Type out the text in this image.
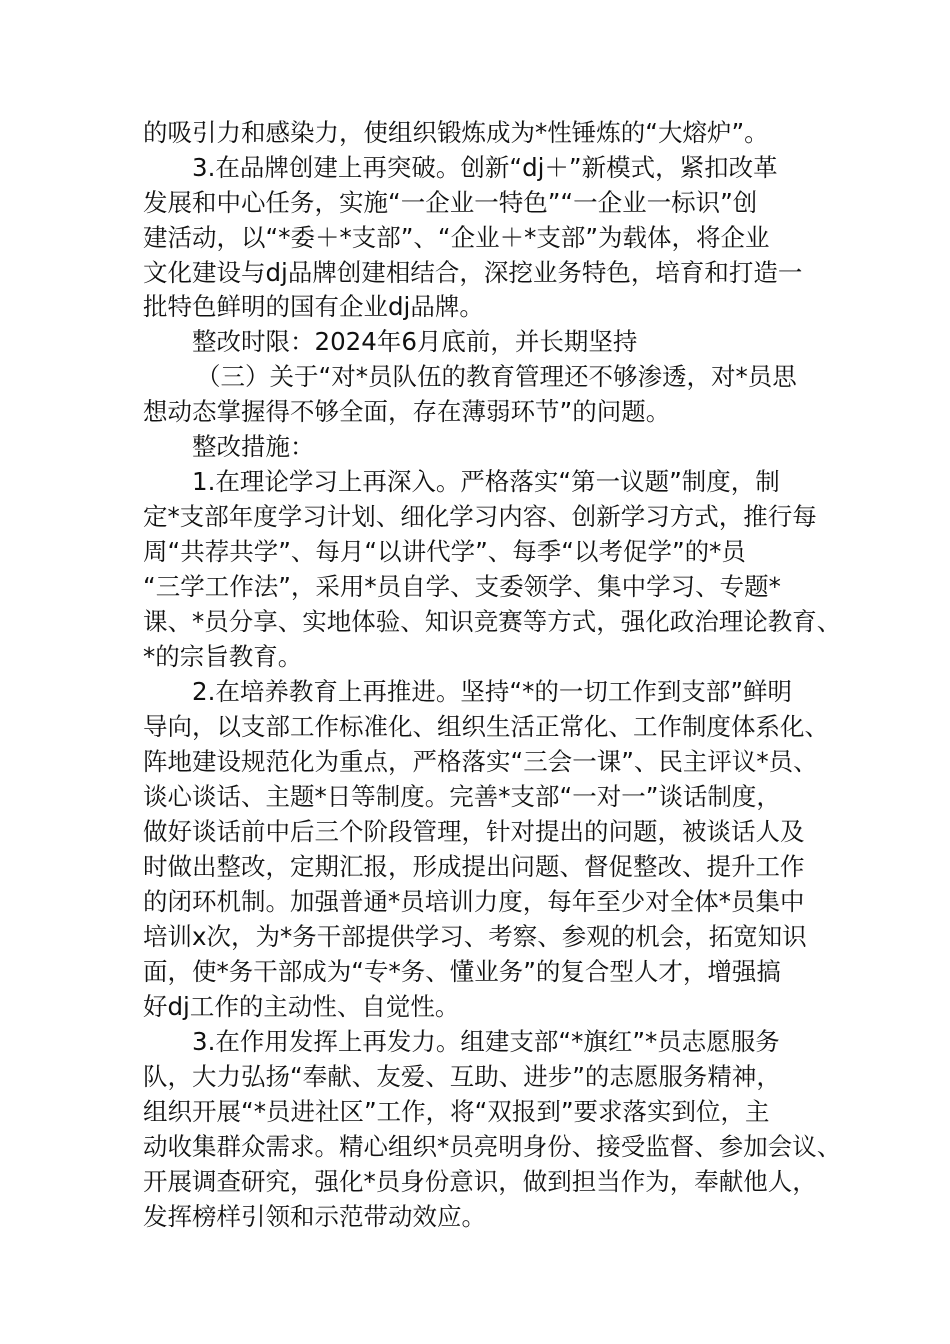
的吸引力和感染力，使组织锻炼成为*性锤炼的“大熔炉”。
3.在品牌创建上再突破。创新“dj＋”新模式，紧扣改革
发展和中心任务，实施“一企业一特色”“一企业一标识”创
建活动，以“*委＋*支部”、“企业＋*支部”为载体，将企业
文化建设与dj品牌创建相结合，深挖业务特色，培育和打造一
批特色鲜明的国有企业dj品牌。
整改时限：2024年6月底前，并长期坚持
（三）关于“对*员队伍的教育管理还不够渗透，对*员思
想动态掌握得不够全面，存在薄弱环节”的问题。
整改措施：
1.在理论学习上再深入。严格落实“第一议题”制度，制
定*支部年度学习计划、细化学习内容、创新学习方式，推行每
周“共荐共学”、每月“以讲代学”、每季“以考促学”的*员
“三学工作法”，采用*员自学、支委领学、集中学习、专题*
课、*员分享、实地体验、知识竞赛等方式，强化政治理论教育、
*的宗旨教育。
2.在培养教育上再推进。坚持“*的一切工作到支部”鲜明
导向，以支部工作标准化、组织生活正常化、工作制度体系化、
阵地建设规范化为重点，严格落实“三会一课”、民主评议*员、
谈心谈话、主题*日等制度。完善*支部“一对一”谈话制度，
做好谈话前中后三个阶段管理，针对提出的问题，被谈话人及
时做出整改，定期汇报，形成提出问题、督促整改、提升工作
的闭环机制。加强普通*员培训力度，每年至少对全体*员集中
培训x次，为*务干部提供学习、考察、参观的机会，拓宽知识
面，使*务干部成为“专*务、懂业务”的复合型人才，增强搞
好dj工作的主动性、自觉性。
3.在作用发挥上再发力。组建支部“*旗红”*员志愿服务
队，大力弘扬“奉献、友爱、互助、进步”的志愿服务精神，
组织开展“*员进社区”工作，将“双报到”要求落实到位，主
动收集群众需求。精心组织*员亮明身份、接受监督、参加会议、
开展调查研究，强化*员身份意识，做到担当作为，奉献他人，
发挥榜样引领和示范带动效应。
